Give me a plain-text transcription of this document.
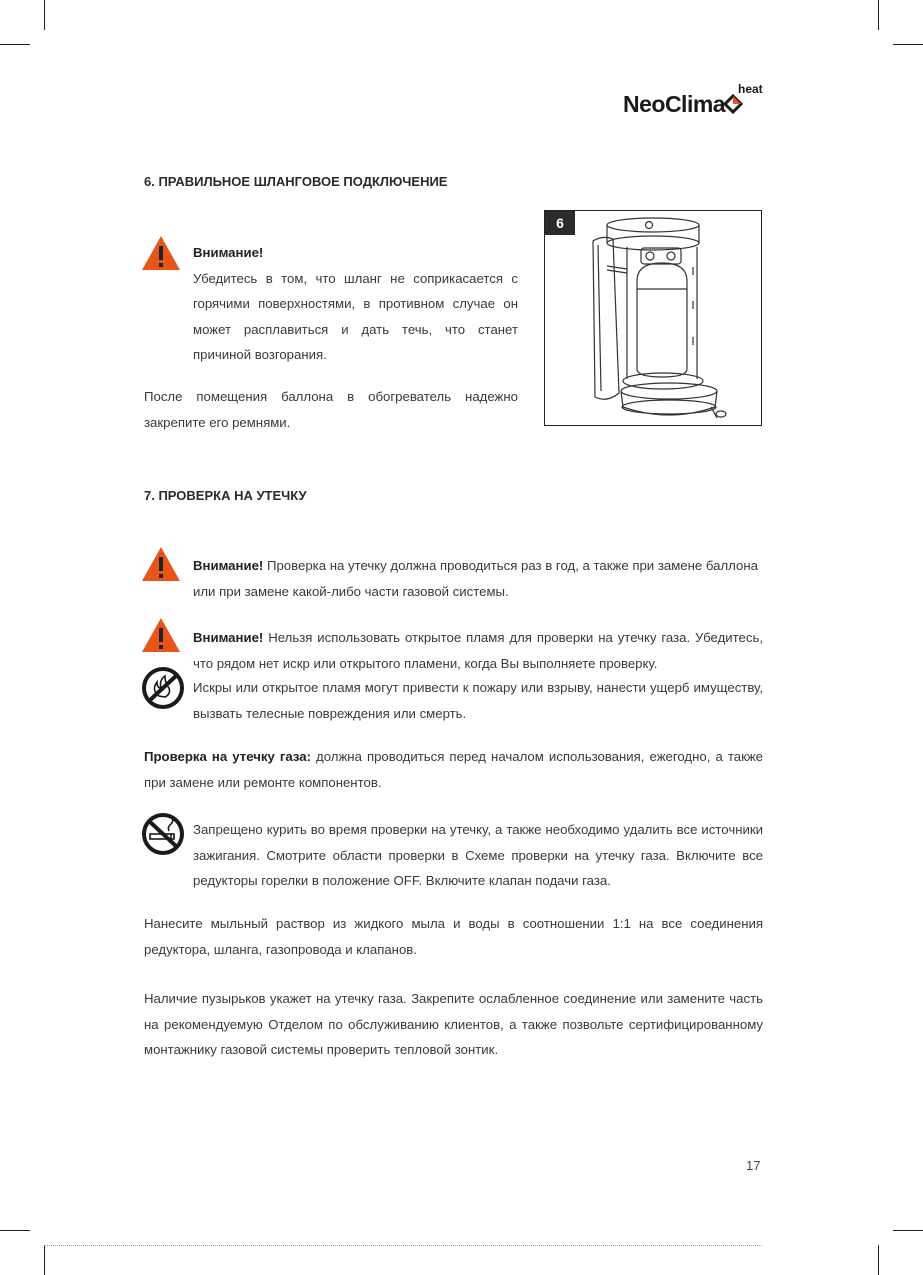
NeoClima
heat
6. ПРАВИЛЬНОЕ ШЛАНГОВОЕ ПОДКЛЮЧЕНИЕ
Внимание!
Убедитесь в том, что шланг не соприкасается с горячими поверхностями, в противном случае он может расплавиться и дать течь, что станет причиной возгорания.
После помещения баллона в обогреватель надежно закрепите его ремнями.
6
7. ПРОВЕРКА НА УТЕЧКУ
Внимание! Проверка на утечку должна проводиться раз в год, а также при замене баллона или при замене какой-либо части газовой системы.
Внимание! Нельзя использовать открытое пламя для проверки на утечку газа. Убедитесь, что рядом нет искр или открытого пламени, когда Вы выполняете проверку.
Искры или открытое пламя могут привести к пожару или взрыву, нанести ущерб имуществу, вызвать телесные повреждения или смерть.
Проверка на утечку газа: должна проводиться перед началом использования, ежегодно, а также при замене или ремонте компонентов.
Запрещено курить во время проверки на утечку, а также необходимо удалить все источники зажигания. Смотрите области проверки в Схеме проверки на утечку газа. Включите все редукторы горелки в положение OFF. Включите клапан подачи газа.
Нанесите мыльный раствор из жидкого мыла и воды в соотношении 1:1 на все соединения редуктора, шланга, газопровода и клапанов.
Наличие пузырьков укажет на утечку газа. Закрепите ослабленное соединение или замените часть на рекомендуемую Отделом по обслуживанию клиентов, а также позвольте сертифицированному монтажнику газовой системы проверить тепловой зонтик.
17
